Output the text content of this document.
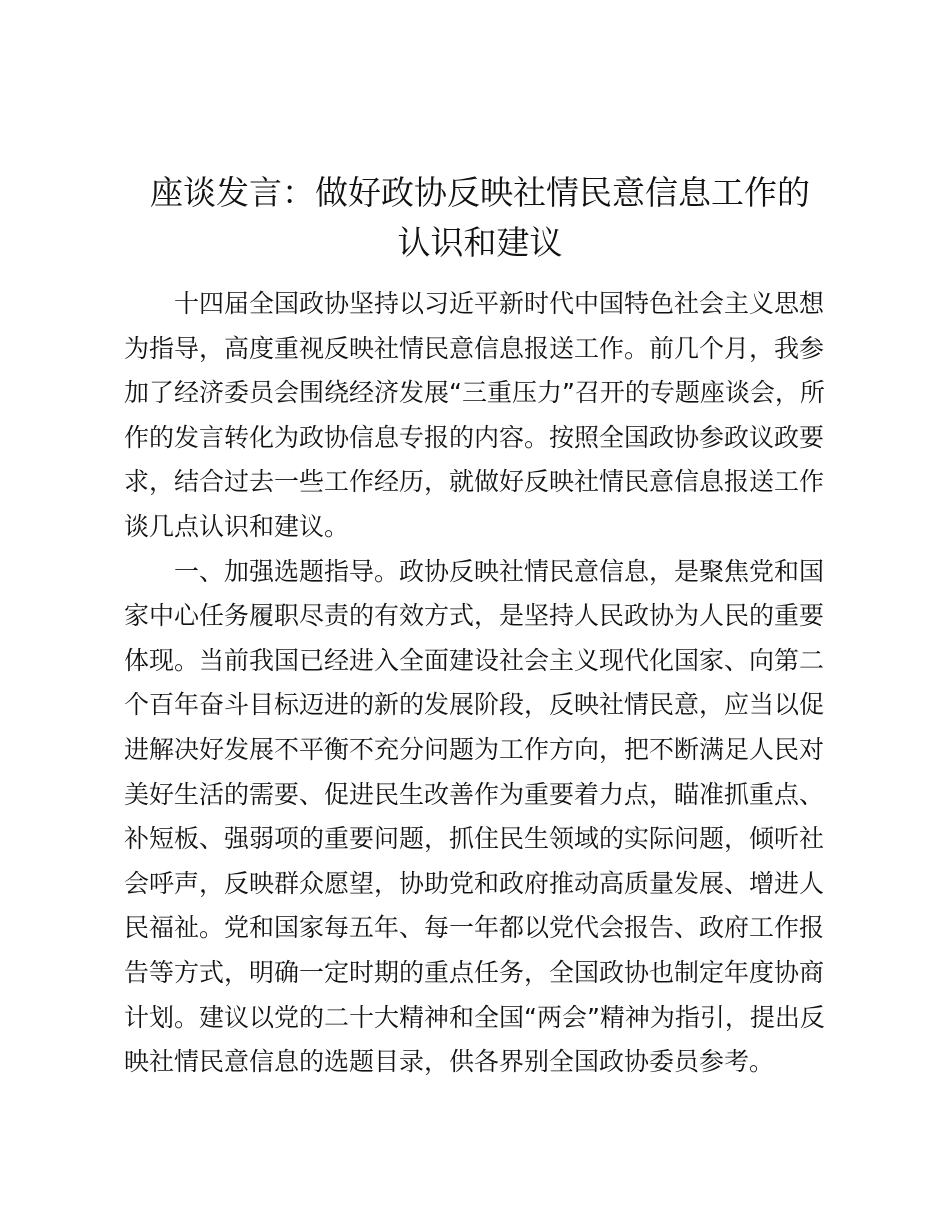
座谈发言：做好政协反映社情民意信息工作的
认识和建议

十四届全国政协坚持以习近平新时代中国特色社会主义思想
为指导，高度重视反映社情民意信息报送工作。前几个月，我参
加了经济委员会围绕经济发展“三重压力”召开的专题座谈会，所
作的发言转化为政协信息专报的内容。按照全国政协参政议政要
求，结合过去一些工作经历，就做好反映社情民意信息报送工作
谈几点认识和建议。

一、加强选题指导。政协反映社情民意信息，是聚焦党和国
家中心任务履职尽责的有效方式，是坚持人民政协为人民的重要
体现。当前我国已经进入全面建设社会主义现代化国家、向第二
个百年奋斗目标迈进的新的发展阶段，反映社情民意，应当以促
进解决好发展不平衡不充分问题为工作方向，把不断满足人民对
美好生活的需要、促进民生改善作为重要着力点，瞄准抓重点、
补短板、强弱项的重要问题，抓住民生领域的实际问题，倾听社
会呼声，反映群众愿望，协助党和政府推动高质量发展、增进人
民福祉。党和国家每五年、每一年都以党代会报告、政府工作报
告等方式，明确一定时期的重点任务，全国政协也制定年度协商
计划。建议以党的二十大精神和全国“两会”精神为指引，提出反
映社情民意信息的选题目录，供各界别全国政协委员参考。
